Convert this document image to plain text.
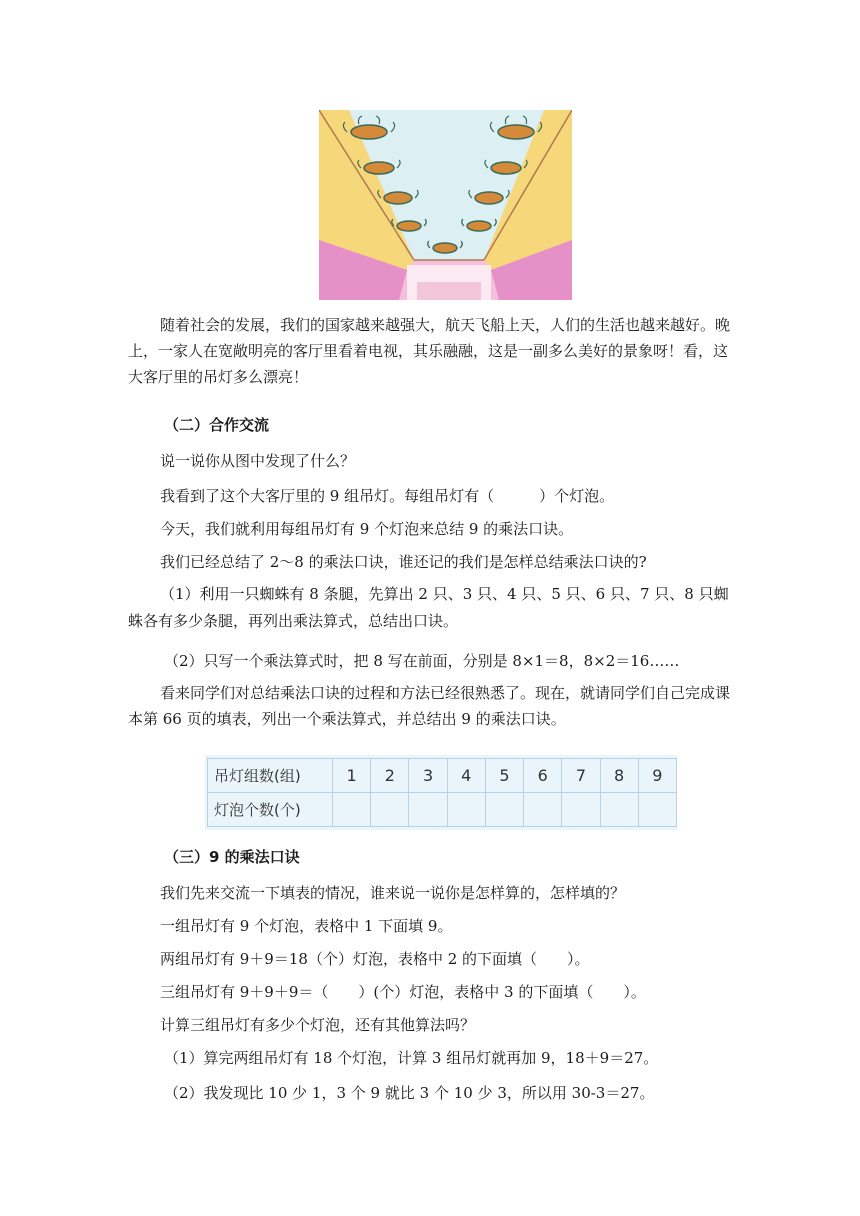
随着社会的发展，我们的国家越来越强大，航天飞船上天，人们的生活也越来越好。晚上，一家人在宽敞明亮的客厅里看着电视，其乐融融，这是一副多么美好的景象呀！看，这大客厅里的吊灯多么漂亮！

（二）合作交流

说一说你从图中发现了什么？

我看到了这个大客厅里的 9 组吊灯。每组吊灯有（　　　）个灯泡。

今天，我们就利用每组吊灯有 9 个灯泡来总结 9 的乘法口诀。

我们已经总结了 2～8 的乘法口诀，谁还记的我们是怎样总结乘法口诀的?

（1）利用一只蜘蛛有 8 条腿，先算出 2 只、3 只、4 只、5 只、6 只、7 只、8 只蜘蛛各有多少条腿，再列出乘法算式，总结出口诀。

（2）只写一个乘法算式时，把 8 写在前面，分别是 8×1＝8，8×2＝16……

看来同学们对总结乘法口诀的过程和方法已经很熟悉了。现在，就请同学们自己完成课本第 66 页的填表，列出一个乘法算式，并总结出 9 的乘法口诀。

吊灯组数(组)	1	2	3	4	5	6	7	8	9
灯泡个数(个)									
（三）9 的乘法口诀

我们先来交流一下填表的情况，谁来说一说你是怎样算的，怎样填的？

一组吊灯有 9 个灯泡，表格中 1 下面填 9。

两组吊灯有 9＋9＝18（个）灯泡，表格中 2 的下面填（　　）。

三组吊灯有 9＋9＋9＝（　　）(个）灯泡，表格中 3 的下面填（　　）。

计算三组吊灯有多少个灯泡，还有其他算法吗？

（1）算完两组吊灯有 18 个灯泡，计算 3 组吊灯就再加 9，18＋9＝27。

（2）我发现比 10 少 1，3 个 9 就比 3 个 10 少 3，所以用 30-3＝27。
